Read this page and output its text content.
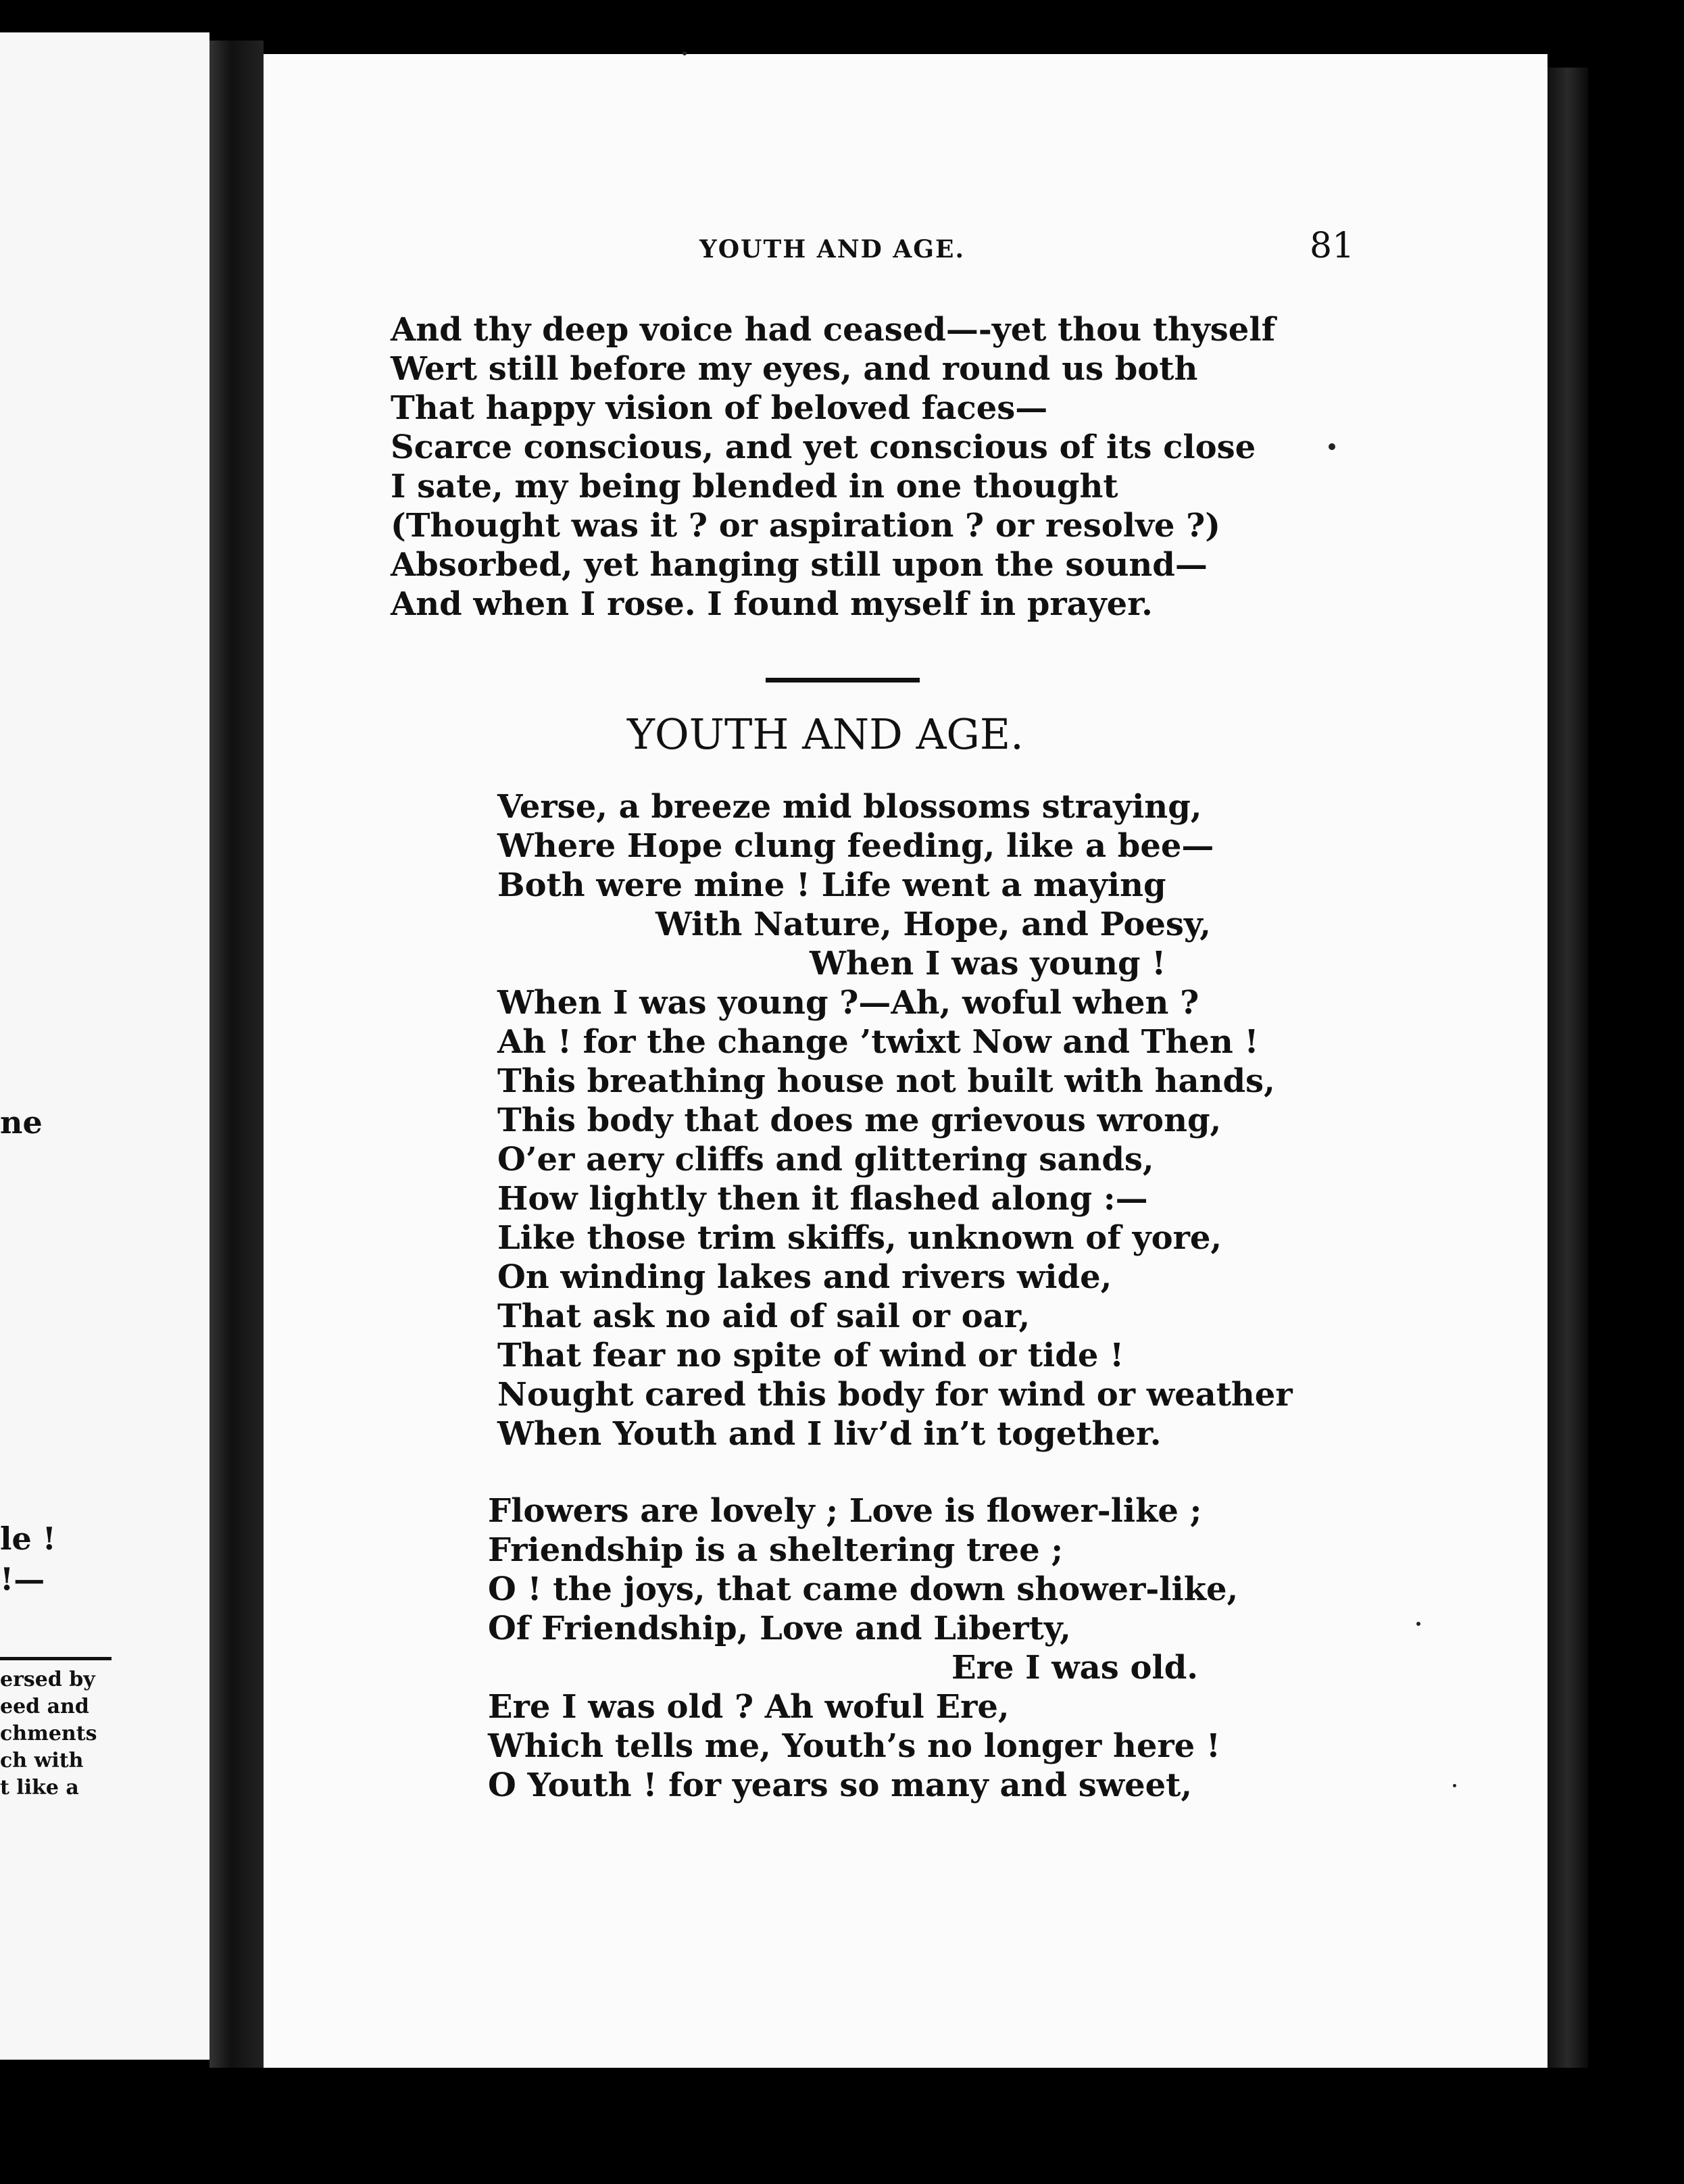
ne
le !
!—
ersed by
eed and
chments
ch with
t like a
YOUTH AND AGE.	81
And thy deep voice had ceased—-yet thou thyself
Wert still before my eyes, and round us both
That happy vision of beloved faces—
Scarce conscious, and yet conscious of its close
I sate, my being blended in one thought
(Thought was it ? or aspiration ? or resolve ?)
Absorbed, yet hanging still upon the sound—
And when I rose. I found myself in prayer.
YOUTH AND AGE.
Verse, a breeze mid blossoms straying,
Where Hope clung feeding, like a bee—
Both were mine ! Life went a maying
With Nature, Hope, and Poesy,
When I was young !
When I was young ?—Ah, woful when ?
Ah ! for the change ’twixt Now and Then !
This breathing house not built with hands,
This body that does me grievous wrong,
O’er aery cliffs and glittering sands,
How lightly then it flashed along :—
Like those trim skiffs, unknown of yore,
On winding lakes and rivers wide,
That ask no aid of sail or oar,
That fear no spite of wind or tide !
Nought cared this body for wind or weather
When Youth and I liv’d in’t together.
Flowers are lovely ; Love is flower-like ;
Friendship is a sheltering tree ;
O ! the joys, that came down shower-like,
Of Friendship, Love and Liberty,
Ere I was old.
Ere I was old ? Ah woful Ere,
Which tells me, Youth’s no longer here !
O Youth ! for years so many and sweet,
